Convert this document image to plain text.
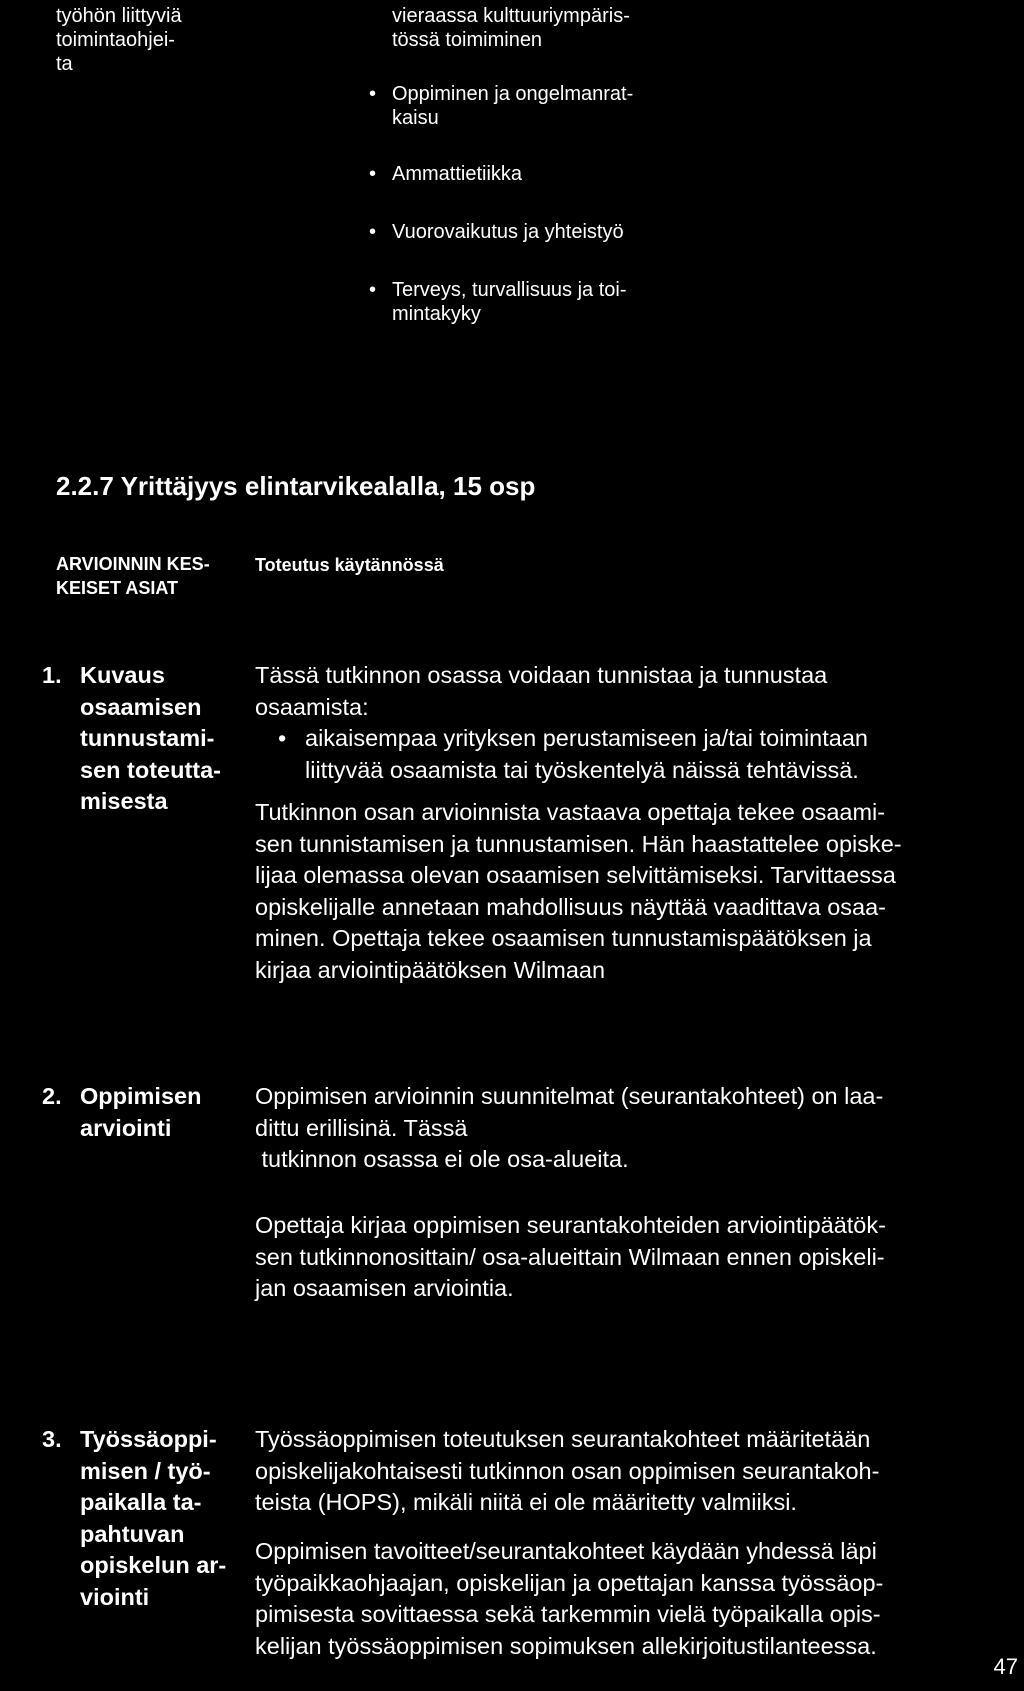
työhön liittyviä toimintaohjei-
ta
vieraassa kulttuuriympäris-
tössä toimiminen
• Oppiminen ja ongelmanrat-
kaisu
• Ammattietiikka
• Vuorovaikutus ja yhteistyö
• Terveys, turvallisuus ja toi-
mintakyky
2.2.7 Yrittäjyys elintarvikealalla, 15 osp
ARVIOINNIN KES-
KEISET ASIAT
Toteutus käytännössä
1. Kuvaus
osaamisen
tunnustami-
sen toteutta-
misesta
Tässä tutkinnon osassa voidaan tunnistaa ja tunnustaa
osaamista:
• aikaisempaa yrityksen perustamiseen ja/tai toimintaan
liittyvää osaamista tai työskentelyä näissä tehtävissä.
Tutkinnon osan arvioinnista vastaava opettaja tekee osaami-
sen tunnistamisen ja tunnustamisen. Hän haastattelee opiske-
lijaa olemassa olevan osaamisen selvittämiseksi. Tarvittaessa
opiskelijalle annetaan mahdollisuus näyttää vaadittava osaa-
minen. Opettaja tekee osaamisen tunnustamispäätöksen ja
kirjaa arviointipäätöksen Wilmaan
2. Oppimisen
arviointi
Oppimisen arvioinnin suunnitelmat (seurantakohteet) on laa-
dittu erillisinä. Tässä
tutkinnon osassa ei ole osa-alueita.
Opettaja kirjaa oppimisen seurantakohteiden arviointipäätök-
sen tutkinnonosittain/ osa-alueittain Wilmaan ennen opiskeli-
jan osaamisen arviointia.
3. Työssäoppi-
misen / työ-
paikalla ta-
pahtuvan
opiskelun ar-
viointi
Työssäoppimisen toteutuksen seurantakohteet määritetään
opiskelijakohtaisesti tutkinnon osan oppimisen seurantakoh-
teista (HOPS), mikäli niitä ei ole määritetty valmiiksi.
Oppimisen tavoitteet/seurantakohteet käydään yhdessä läpi
työpaikkaohjaajan, opiskelijan ja opettajan kanssa työssäop-
pimisesta sovittaessa sekä tarkemmin vielä työpaikalla opis-
kelijan työssäoppimisen sopimuksen allekirjoitustilanteessa.
47
